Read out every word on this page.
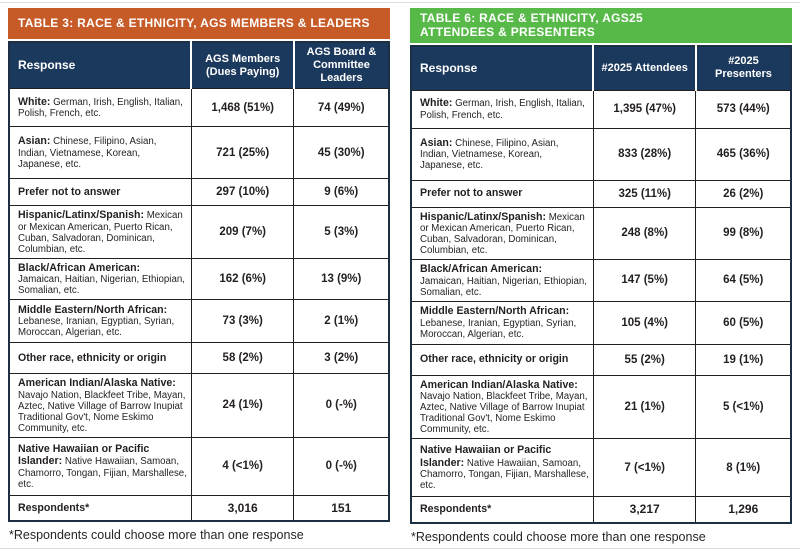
TABLE 3: RACE & ETHNICITY, AGS MEMBERS & LEADERS
Response	AGS Members (Dues Paying)	AGS Board & Committee Leaders
White: German, Irish, English, Italian, Polish, French, etc.	1,468 (51%)	74 (49%)
Asian: Chinese, Filipino, Asian, Indian, Vietnamese, Korean, Japanese, etc.	721 (25%)	45 (30%)
Prefer not to answer	297 (10%)	9 (6%)
Hispanic/Latinx/Spanish: Mexican or Mexican American, Puerto Rican, Cuban, Salvadoran, Dominican, Columbian, etc.	209 (7%)	5 (3%)
Black/African American: Jamaican, Haitian, Nigerian, Ethiopian, Somalian, etc.	162 (6%)	13 (9%)
Middle Eastern/North African: Lebanese, Iranian, Egyptian, Syrian, Moroccan, Algerian, etc.	73 (3%)	2 (1%)
Other race, ethnicity or origin	58 (2%)	3 (2%)
American Indian/Alaska Native: Navajo Nation, Blackfeet Tribe, Mayan, Aztec, Native Village of Barrow Inupiat Traditional Gov't, Nome Eskimo Community, etc.	24 (1%)	0 (-%)
Native Hawaiian or Pacific Islander: Native Hawaiian, Samoan, Chamorro, Tongan, Fijian, Marshallese, etc.	4 (<1%)	0 (-%)
Respondents*	3,016	151

*Respondents could choose more than one response

TABLE 6: RACE & ETHNICITY, AGS25
ATTENDEES & PRESENTERS
Response	#2025 Attendees	#2025 Presenters
White: German, Irish, English, Italian, Polish, French, etc.	1,395 (47%)	573 (44%)
Asian: Chinese, Filipino, Asian, Indian, Vietnamese, Korean, Japanese, etc.	833 (28%)	465 (36%)
Prefer not to answer	325 (11%)	26 (2%)
Hispanic/Latinx/Spanish: Mexican or Mexican American, Puerto Rican, Cuban, Salvadoran, Dominican, Columbian, etc.	248 (8%)	99 (8%)
Black/African American: Jamaican, Haitian, Nigerian, Ethiopian, Somalian, etc.	147 (5%)	64 (5%)
Middle Eastern/North African: Lebanese, Iranian, Egyptian, Syrian, Moroccan, Algerian, etc.	105 (4%)	60 (5%)
Other race, ethnicity or origin	55 (2%)	19 (1%)
American Indian/Alaska Native: Navajo Nation, Blackfeet Tribe, Mayan, Aztec, Native Village of Barrow Inupiat Traditional Gov't, Nome Eskimo Community, etc.	21 (1%)	5 (<1%)
Native Hawaiian or Pacific Islander: Native Hawaiian, Samoan, Chamorro, Tongan, Fijian, Marshallese, etc.	7 (<1%)	8 (1%)
Respondents*	3,217	1,296

*Respondents could choose more than one response
